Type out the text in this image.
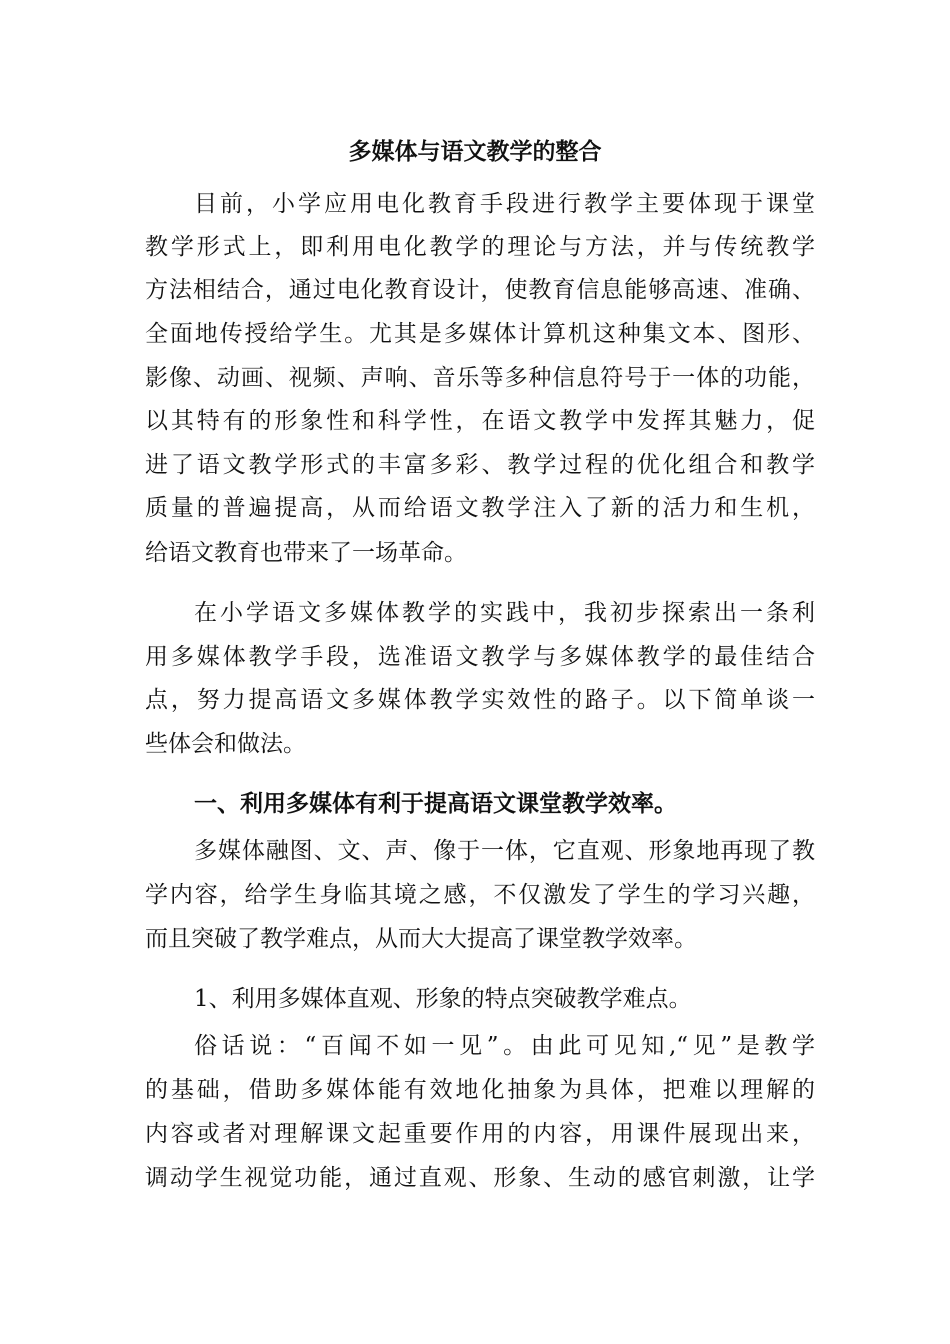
多媒体与语文教学的整合
目前，小学应用电化教育手段进行教学主要体现于课堂
教学形式上，即利用电化教学的理论与方法，并与传统教学
方法相结合，通过电化教育设计，使教育信息能够高速、准确、
全面地传授给学生。尤其是多媒体计算机这种集文本、图形、
影像、动画、视频、声响、音乐等多种信息符号于一体的功能，
以其特有的形象性和科学性，在语文教学中发挥其魅力，促
进了语文教学形式的丰富多彩、教学过程的优化组合和教学
质量的普遍提高，从而给语文教学注入了新的活力和生机，
给语文教育也带来了一场革命。
在小学语文多媒体教学的实践中，我初步探索出一条利
用多媒体教学手段，选准语文教学与多媒体教学的最佳结合
点，努力提高语文多媒体教学实效性的路子。以下简单谈一
些体会和做法。
一、利用多媒体有利于提高语文课堂教学效率。
多媒体融图、文、声、像于一体，它直观、形象地再现了教
学内容，给学生身临其境之感，不仅激发了学生的学习兴趣，
而且突破了教学难点，从而大大提高了课堂教学效率。
1、利用多媒体直观、形象的特点突破教学难点。
俗话说：“百闻不如一见”。由此可见知,“见”是教学
的基础，借助多媒体能有效地化抽象为具体，把难以理解的
内容或者对理解课文起重要作用的内容，用课件展现出来，
调动学生视觉功能，通过直观、形象、生动的感官刺激，让学
